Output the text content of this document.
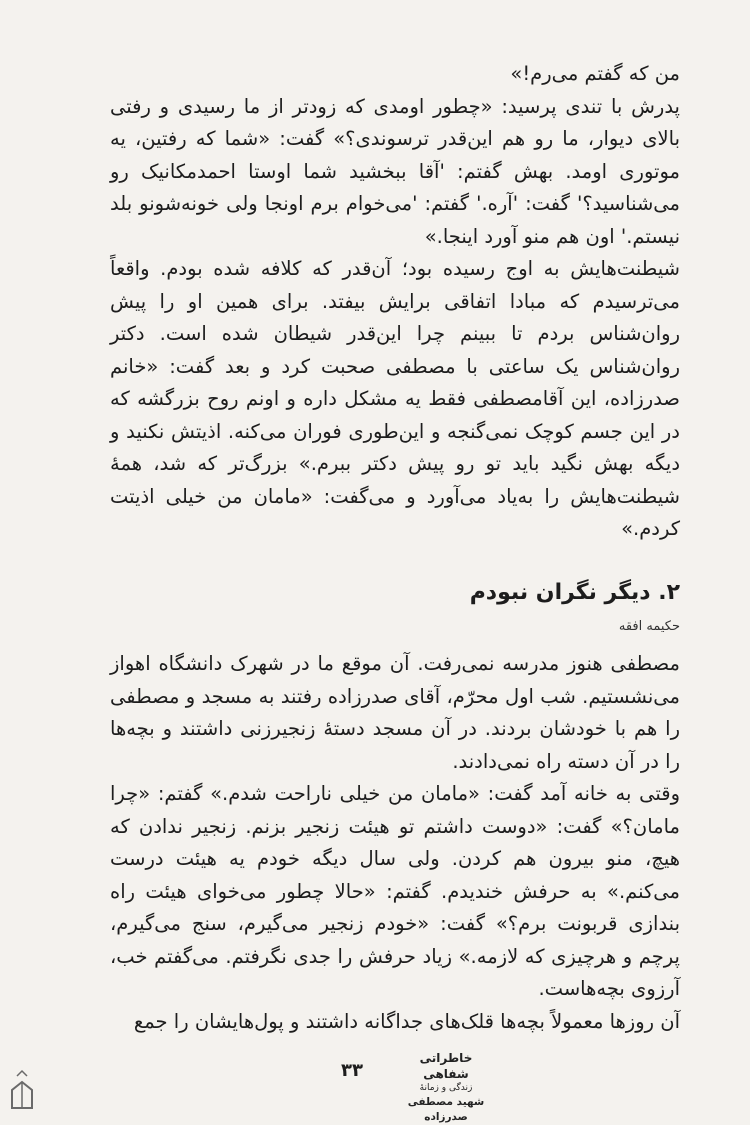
من که گفتم می‌رم!»

پدرش با تندی پرسید: «چطور اومدی که زودتر از ما رسیدی و رفتی بالای دیوار، ما رو هم این‌قدر ترسوندی؟» گفت: «شما که رفتین، یه موتوری اومد. بهش گفتم: 'آقا ببخشید شما اوستا احمدمکانیک رو می‌شناسید؟' گفت: 'آره.' گفتم: 'می‌خوام برم اونجا ولی خونه‌شونو بلد نیستم.' اون هم منو آورد اینجا.»

شیطنت‌هایش به اوج رسیده بود؛ آن‌قدر که کلافه شده بودم. واقعاً می‌ترسیدم که مبادا اتفاقی برایش بیفتد. برای همین او را پیش روان‌شناس بردم تا ببینم چرا این‌قدر شیطان شده است. دکتر روان‌شناس یک ساعتی با مصطفی صحبت کرد و بعد گفت: «خانم صدرزاده، این آقامصطفی فقط یه مشکل داره و اونم روح بزرگشه که در این جسم کوچک نمی‌گنجه و این‌طوری فوران می‌کنه. اذیتش نکنید و دیگه بهش نگید باید تو رو پیش دکتر ببرم.» بزرگ‌تر که شد، همهٔ شیطنت‌هایش را به‌یاد می‌آورد و می‌گفت: «مامان من خیلی اذیتت کردم.»

۲. دیگر نگران نبودم
حکیمه افقه

مصطفی هنوز مدرسه نمی‌رفت. آن موقع ما در شهرک دانشگاه اهواز می‌نشستیم. شب اول محرّم، آقای صدرزاده رفتند به مسجد و مصطفی را هم با خودشان بردند. در آن مسجد دستهٔ زنجیرزنی داشتند و بچه‌ها را در آن دسته راه نمی‌دادند.

وقتی به خانه آمد گفت: «مامان من خیلی ناراحت شدم.» گفتم: «چرا مامان؟» گفت: «دوست داشتم تو هیئت زنجیر بزنم. زنجیر ندادن که هیچ، منو بیرون هم کردن. ولی سال دیگه خودم یه هیئت درست می‌کنم.» به حرفش خندیدم. گفتم: «حالا چطور می‌خوای هیئت راه بندازی قربونت برم؟» گفت: «خودم زنجیر می‌گیرم، سنج می‌گیرم، پرچم و هرچیزی که لازمه.» زیاد حرفش را جدی نگرفتم. می‌گفتم خب، آرزوی بچه‌هاست.

آن روزها معمولاً بچه‌ها قلک‌های جداگانه داشتند و پول‌هایشان را جمع

۳۳
خاطراتی شفاهی
زندگی و زمانهٔ
شهید مصطفی صدرزاده
